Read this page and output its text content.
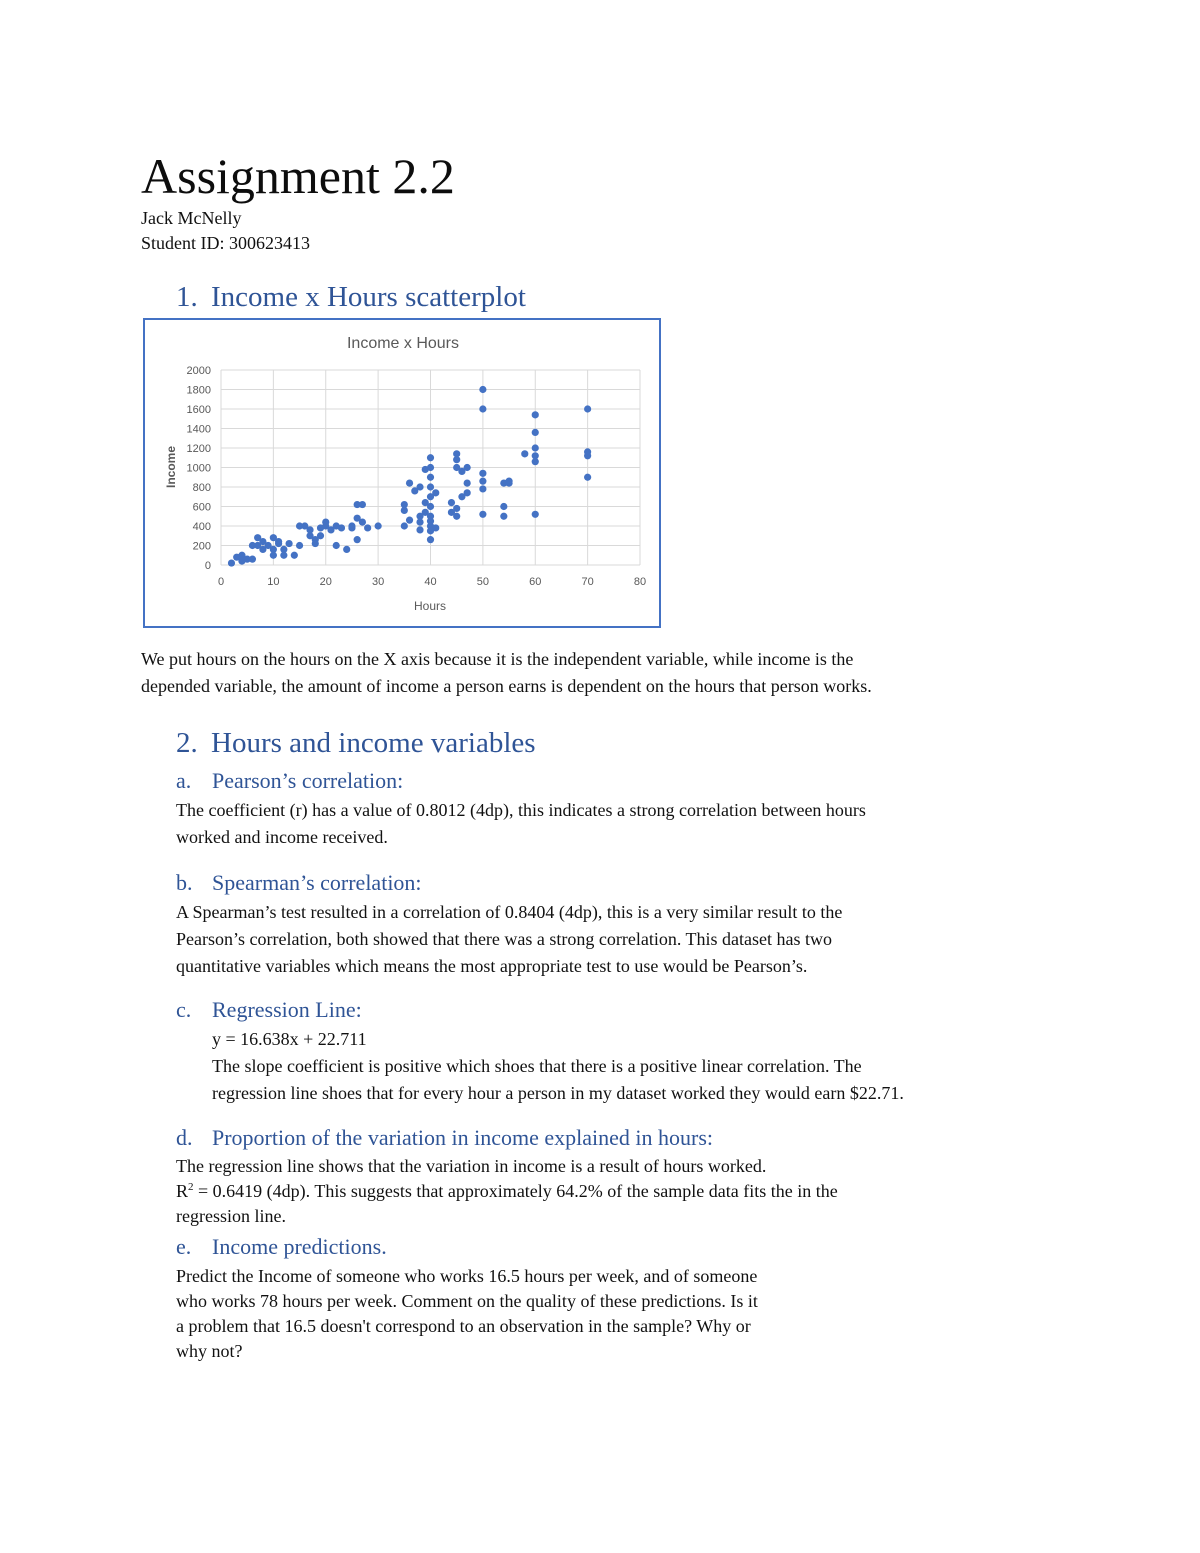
Assignment 2.2

Jack McNelly

Student ID: 300623413

1. Income x Hours scatterplot
Income x Hours
Hours
Income
0
200
400
600
800
1000
1200
1400
1600
1800
2000
0	10	20	30	40	50	60	70	80

We put hours on the hours on the X axis because it is the independent variable, while income is the

depended variable, the amount of income a person earns is dependent on the hours that person works.

2. Hours and income variables
a. Pearson’s correlation:

The coefficient (r) has a value of 0.8012 (4dp), this indicates a strong correlation between hours

worked and income received.

b. Spearman’s correlation:

A Spearman’s test resulted in a correlation of 0.8404 (4dp), this is a very similar result to the

Pearson’s correlation, both showed that there was a strong correlation. This dataset has two

quantitative variables which means the most appropriate test to use would be Pearson’s.

c. Regression Line:

y = 16.638x + 22.711

The slope coefficient is positive which shoes that there is a positive linear correlation. The

regression line shoes that for every hour a person in my dataset worked they would earn $22.71.

d. Proportion of the variation in income explained in hours:

The regression line shows that the variation in income is a result of hours worked.

$R^2 = 0.6419$ (4dp). This suggests that approximately 64.2% of the sample data fits the in the

regression line.

e. Income predictions.

Predict the Income of someone who works 16.5 hours per week, and of someone

who works 78 hours per week. Comment on the quality of these predictions. Is it

a problem that 16.5 doesn't correspond to an observation in the sample? Why or

why not?
